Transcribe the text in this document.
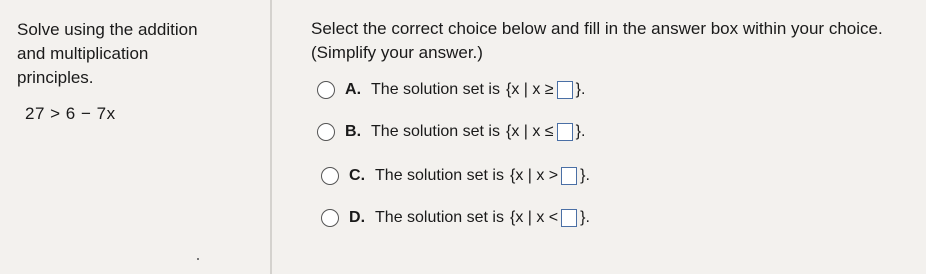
Solve using the addition
and multiplication
principles.
27 > 6 − 7x
Select the correct choice below and fill in the answer box within your choice.
(Simplify your answer.)
A . The solution set is {x | x ≥ }.
B . The solution set is {x | x ≤ }.
C . The solution set is {x | x > }.
D . The solution set is {x | x < }.
